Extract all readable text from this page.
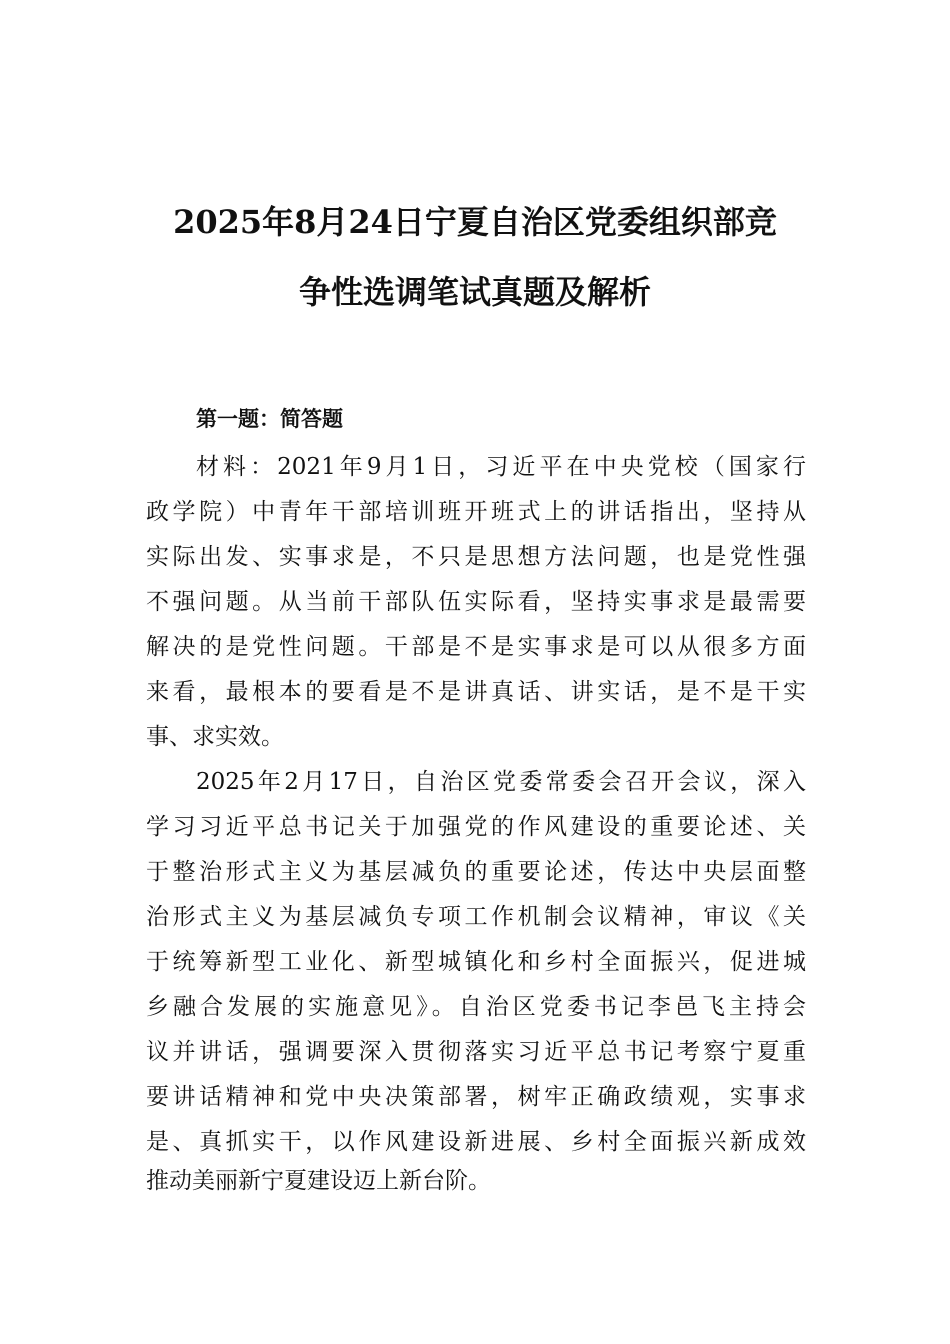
2025年8月24日宁夏自治区党委组织部竞
争性选调笔试真题及解析
第一题：简答题

材料：2021年9月1日，习近平在中央党校（国家行

政学院）中青年干部培训班开班式上的讲话指出，坚持从

实际出发、实事求是，不只是思想方法问题，也是党性强

不强问题。从当前干部队伍实际看，坚持实事求是最需要

解决的是党性问题。干部是不是实事求是可以从很多方面

来看，最根本的要看是不是讲真话、讲实话，是不是干实

事、求实效。

2025年2月17日，自治区党委常委会召开会议，深入

学习习近平总书记关于加强党的作风建设的重要论述、关

于整治形式主义为基层减负的重要论述，传达中央层面整

治形式主义为基层减负专项工作机制会议精神，审议《关

于统筹新型工业化、新型城镇化和乡村全面振兴，促进城

乡融合发展的实施意见》。自治区党委书记李邑飞主持会

议并讲话，强调要深入贯彻落实习近平总书记考察宁夏重

要讲话精神和党中央决策部署，树牢正确政绩观，实事求

是、真抓实干，以作风建设新进展、乡村全面振兴新成效

推动美丽新宁夏建设迈上新台阶。
